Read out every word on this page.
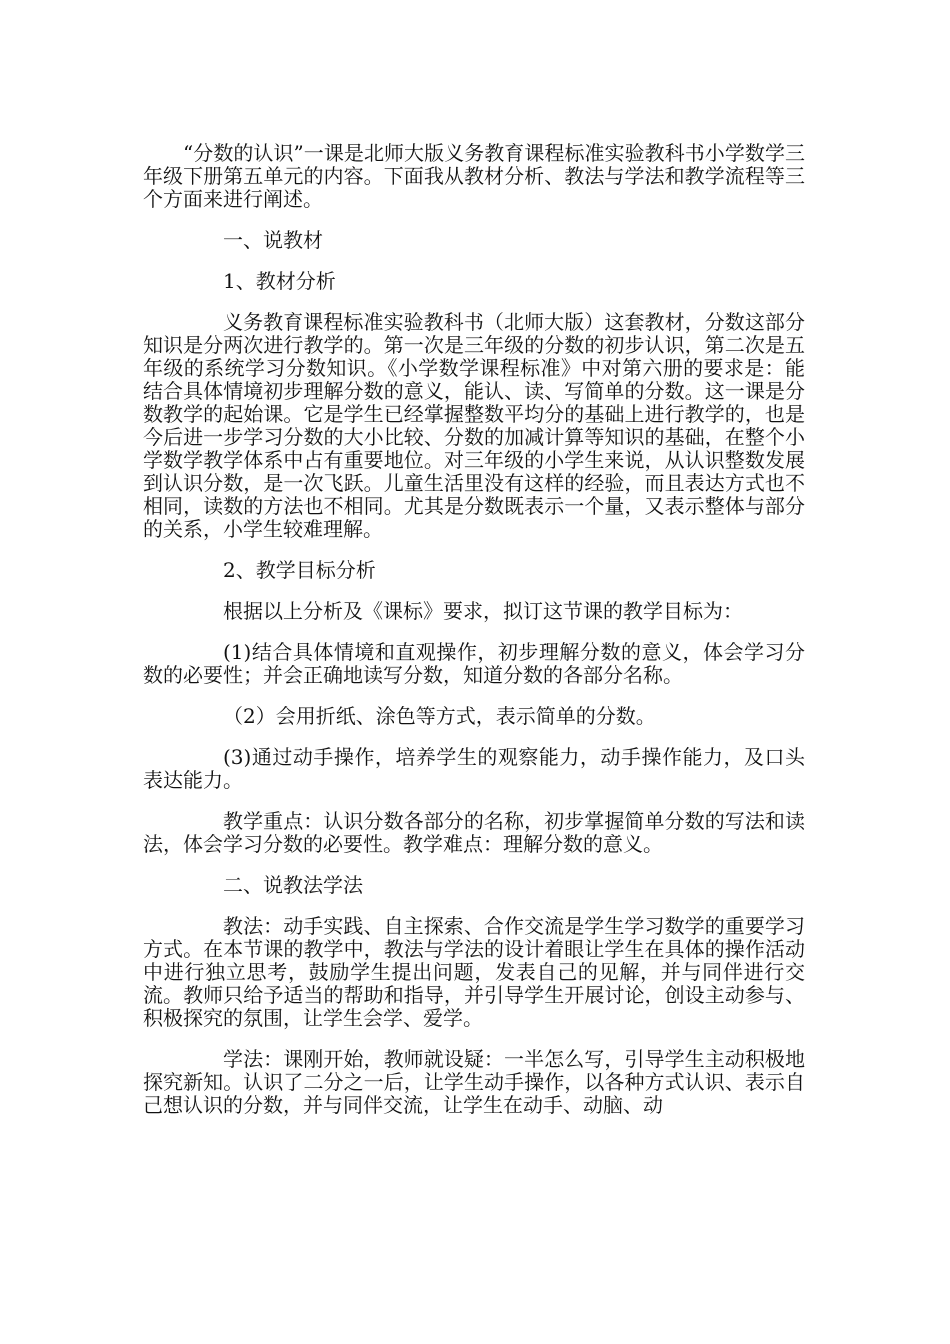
“分数的认识”一课是北师大版义务教育课程标准实验教科书小学数学三年级下册第五单元的内容。下面我从教材分析、教法与学法和教学流程等三个方面来进行阐述。

一、说教材

1、教材分析

义务教育课程标准实验教科书（北师大版）这套教材，分数这部分知识是分两次进行教学的。第一次是三年级的分数的初步认识，第二次是五年级的系统学习分数知识。《小学数学课程标准》中对第六册的要求是：能结合具体情境初步理解分数的意义，能认、读、写简单的分数。这一课是分数教学的起始课。它是学生已经掌握整数平均分的基础上进行教学的，也是今后进一步学习分数的大小比较、分数的加减计算等知识的基础，在整个小学数学教学体系中占有重要地位。对三年级的小学生来说，从认识整数发展到认识分数，是一次飞跃。儿童生活里没有这样的经验，而且表达方式也不相同，读数的方法也不相同。尤其是分数既表示一个量，又表示整体与部分的关系，小学生较难理解。

2、教学目标分析

根据以上分析及《课标》要求，拟订这节课的教学目标为：

(1)结合具体情境和直观操作，初步理解分数的意义，体会学习分数的必要性；并会正确地读写分数，知道分数的各部分名称。

（2）会用折纸、涂色等方式，表示简单的分数。

(3)通过动手操作，培养学生的观察能力，动手操作能力，及口头表达能力。

教学重点：认识分数各部分的名称，初步掌握简单分数的写法和读法，体会学习分数的必要性。教学难点：理解分数的意义。

二、说教法学法

教法：动手实践、自主探索、合作交流是学生学习数学的重要学习方式。在本节课的教学中，教法与学法的设计着眼让学生在具体的操作活动中进行独立思考，鼓励学生提出问题，发表自己的见解，并与同伴进行交流。教师只给予适当的帮助和指导，并引导学生开展讨论，创设主动参与、积极探究的氛围，让学生会学、爱学。

学法：课刚开始，教师就设疑：一半怎么写，引导学生主动积极地探究新知。认识了二分之一后，让学生动手操作，以各种方式认识、表示自己想认识的分数，并与同伴交流，让学生在动手、动脑、动
